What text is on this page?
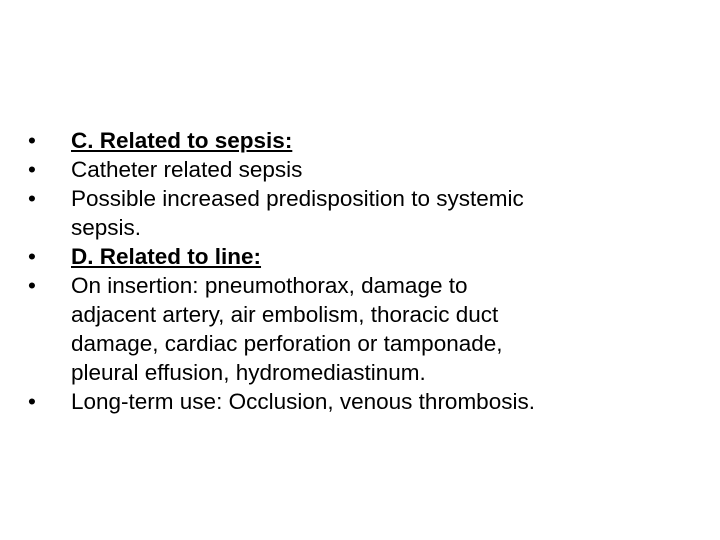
•	C. Related to sepsis:
•	Catheter related sepsis
•	Possible increased predisposition to systemic
sepsis.
•	D. Related to line:
•	On insertion: pneumothorax, damage to
adjacent artery, air embolism, thoracic duct
damage, cardiac perforation or tamponade,
pleural effusion, hydromediastinum.
•	Long-term use: Occlusion, venous thrombosis.
